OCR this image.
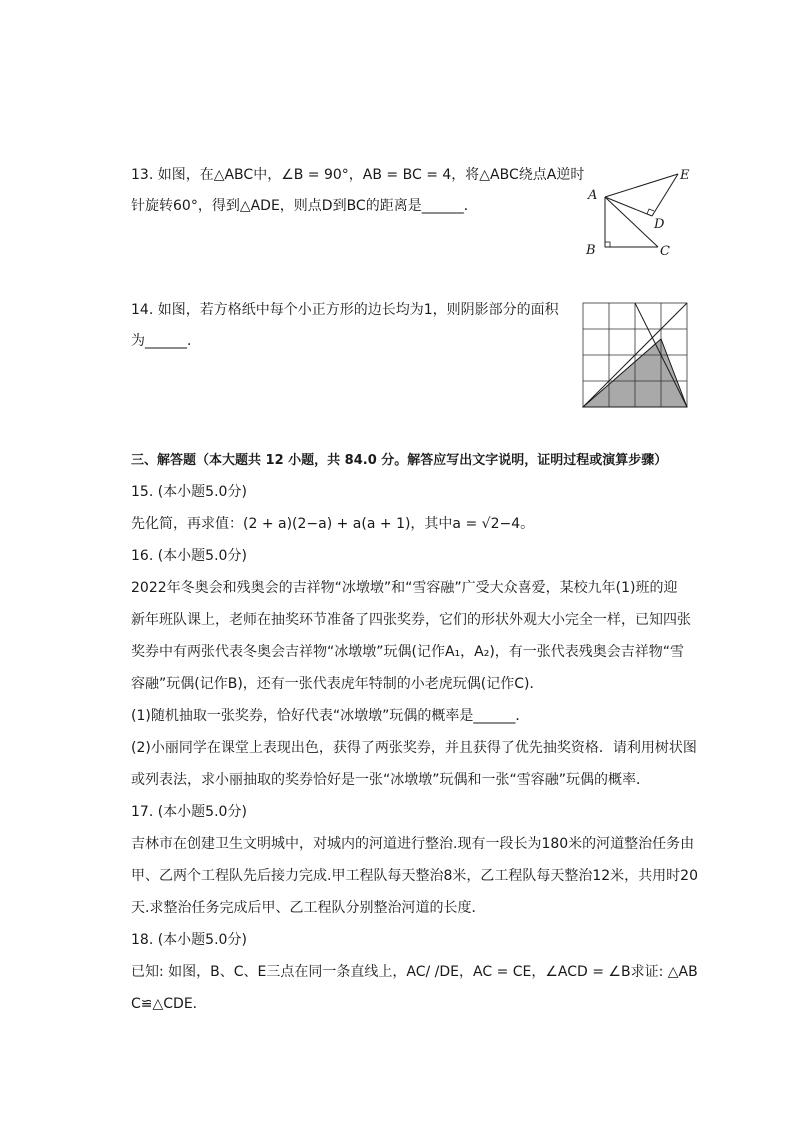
13. 如图，在△ABC中，∠B = 90°，AB = BC = 4，将△ABC绕点A逆时
针旋转60°，得到△ADE，则点D到BC的距离是______．
A
E
D
B	C
14. 如图，若方格纸中每个小正方形的边长均为1，则阴影部分的面积
为______．
三、解答题（本大题共 12 小题，共 84.0 分。解答应写出文字说明，证明过程或演算步骤）
15. (本小题5.0分)
先化简，再求值：(2 + a)(2−a) + a(a + 1)，其中a = √2−4。
16. (本小题5.0分)
2022年冬奥会和残奥会的吉祥物“冰墩墩”和“雪容融”广受大众喜爱，某校九年(1)班的迎
新年班队课上，老师在抽奖环节准备了四张奖券，它们的形状外观大小完全一样，已知四张
奖券中有两张代表冬奥会吉祥物“冰墩墩”玩偶(记作A₁，A₂)，有一张代表残奥会吉祥物“雪
容融”玩偶(记作B)，还有一张代表虎年特制的小老虎玩偶(记作C)．
(1)随机抽取一张奖券，恰好代表“冰墩墩”玩偶的概率是______．
(2)小丽同学在课堂上表现出色，获得了两张奖券，并且获得了优先抽奖资格．请利用树状图
或列表法，求小丽抽取的奖券恰好是一张“冰墩墩”玩偶和一张“雪容融”玩偶的概率．
17. (本小题5.0分)
吉林市在创建卫生文明城中，对城内的河道进行整治.现有一段长为180米的河道整治任务由
甲、乙两个工程队先后接力完成.甲工程队每天整治8米，乙工程队每天整治12米，共用时20
天.求整治任务完成后甲、乙工程队分别整治河道的长度．
18. (本小题5.0分)
已知: 如图，B、C、E三点在同一条直线上，AC/ /DE，AC = CE，∠ACD = ∠B求证: △AB
C≌△CDE．
